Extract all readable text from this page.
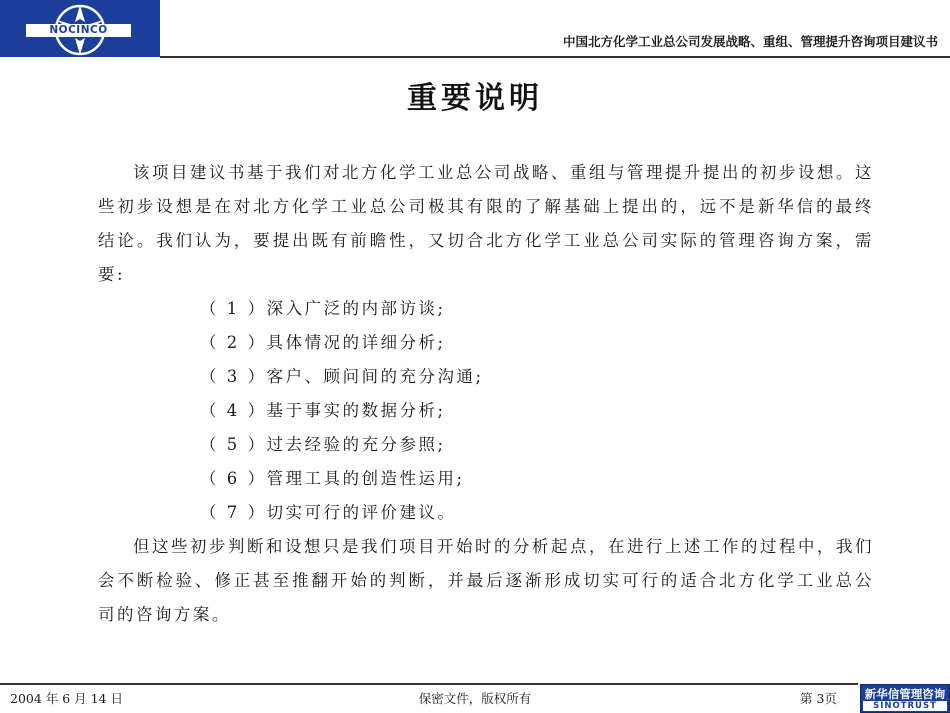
NOCINCO
中国北方化学工业总公司发展战略、重组、管理提升咨询项目建议书
重要说明
该项目建议书基于我们对北方化学工业总公司战略、重组与管理提升提出的初步设想。这些初步设想是在对北方化学工业总公司极其有限的了解基础上提出的，远不是新华信的最终结论。我们认为，要提出既有前瞻性，又切合北方化学工业总公司实际的管理咨询方案，需要:
（ 1 ）深入广泛的内部访谈;
（ 2 ）具体情况的详细分析;
（ 3 ）客户、顾问间的充分沟通;
（ 4 ）基于事实的数据分析;
（ 5 ）过去经验的充分参照;
（ 6 ）管理工具的创造性运用;
（ 7 ）切实可行的评价建议。
但这些初步判断和设想只是我们项目开始时的分析起点，在进行上述工作的过程中，我们会不断检验、修正甚至推翻开始的判断，并最后逐渐形成切实可行的适合北方化学工业总公司的咨询方案。
2004 年 6 月 14 日	保密文件，版权所有	第 3页	新华信管理咨询
SINOTRUST
